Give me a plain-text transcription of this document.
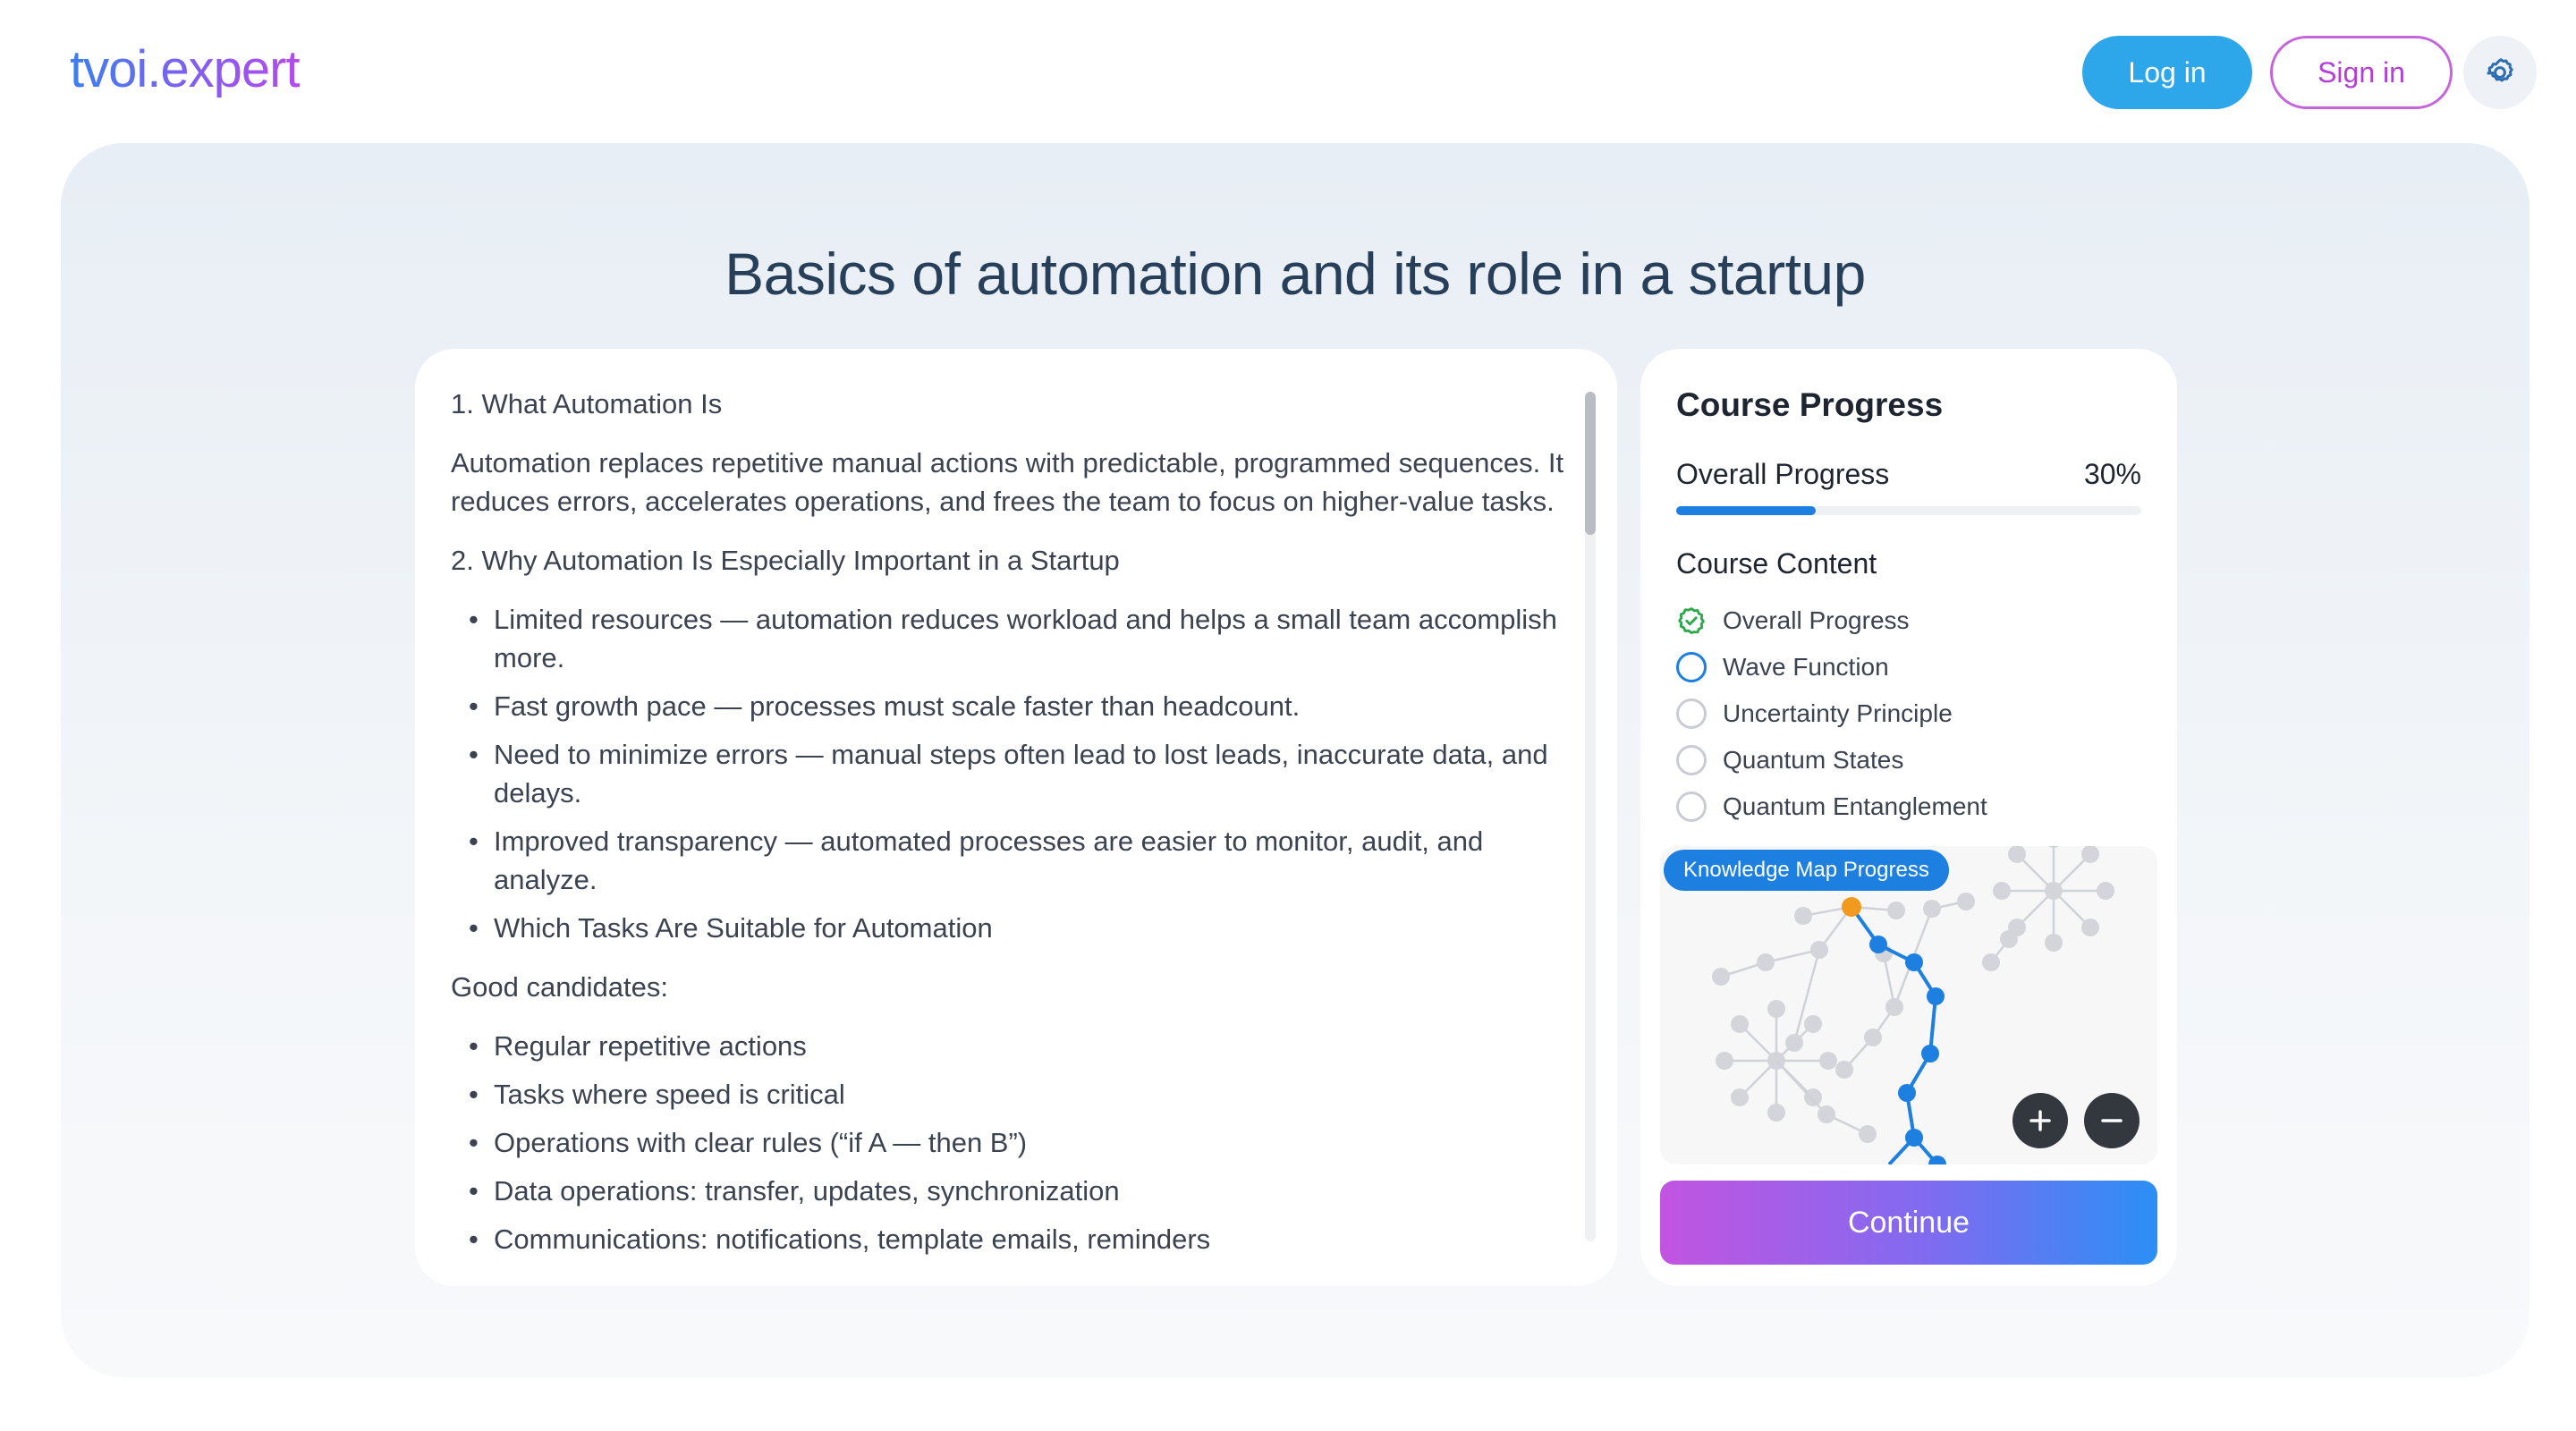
tvoi.expert	Log in	Sign in
Basics of automation and its role in a startup

1. What Automation Is

Automation replaces repetitive manual actions with predictable, programmed sequences. It reduces errors, accelerates operations, and frees the team to focus on higher-value tasks.

2. Why Automation Is Especially Important in a Startup

• Limited resources — automation reduces workload and helps a small team accomplish more.
• Fast growth pace — processes must scale faster than headcount.
• Need to minimize errors — manual steps often lead to lost leads, inaccurate data, and delays.
• Improved transparency — automated processes are easier to monitor, audit, and analyze.
• Which Tasks Are Suitable for Automation

Good candidates:

• Regular repetitive actions
• Tasks where speed is critical
• Operations with clear rules (“if A — then B”)
• Data operations: transfer, updates, synchronization
• Communications: notifications, template emails, reminders
Course Progress
Overall Progress	30%
Course Content
Overall Progress
Wave Function
Uncertainty Principle
Quantum States
Quantum Entanglement
Knowledge Map Progress
Continue
